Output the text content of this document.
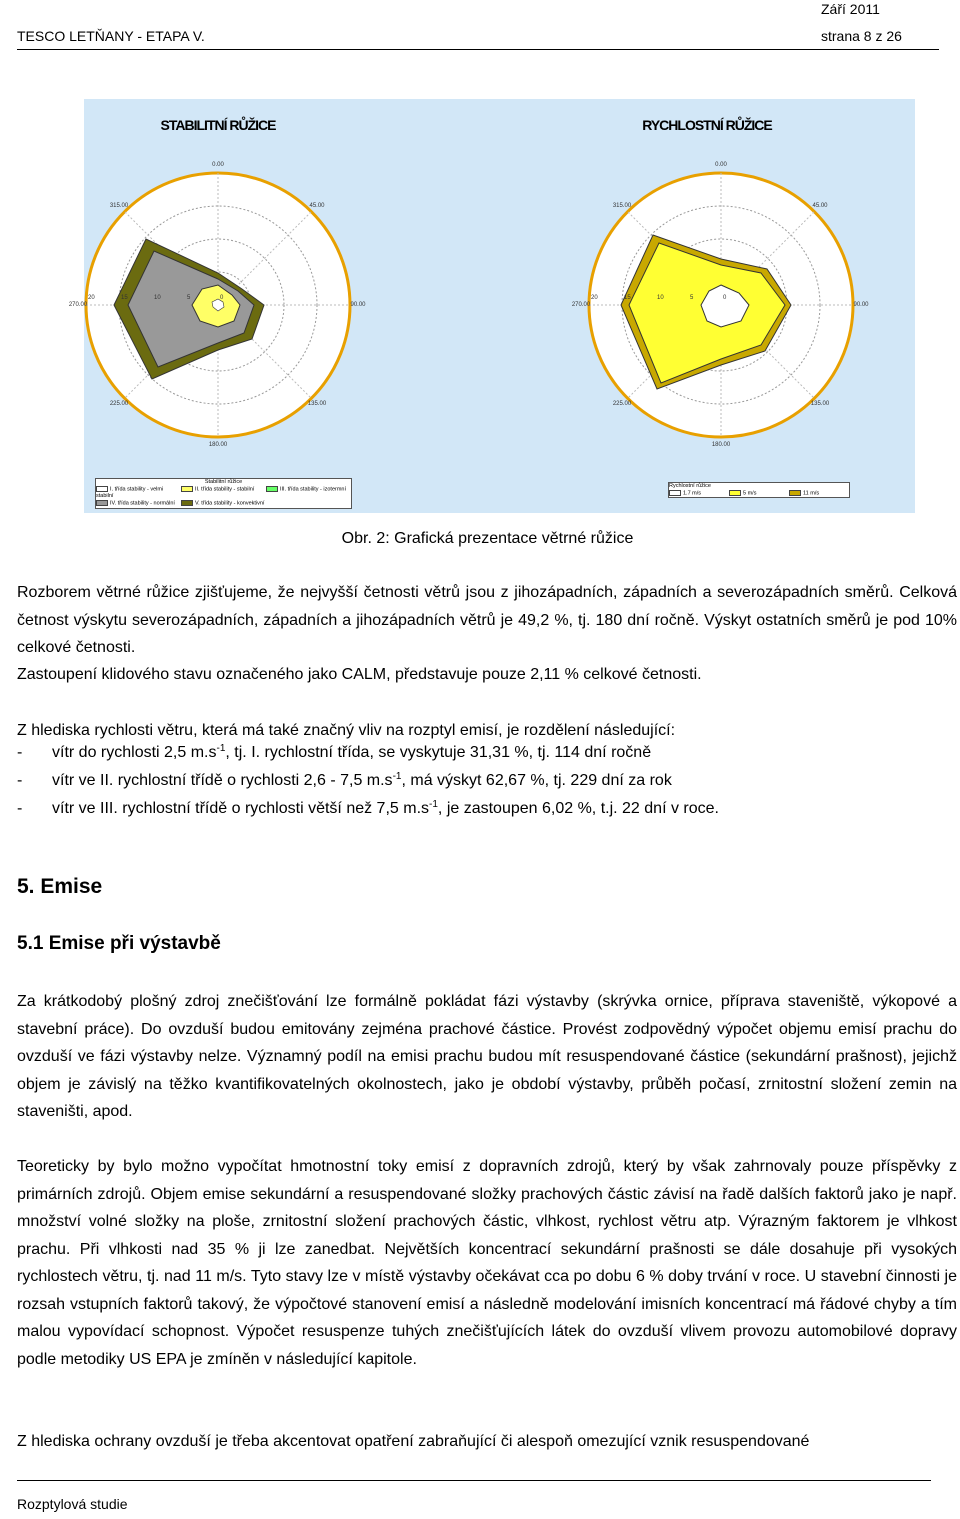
Září 2011
TESCO LETŇANY - ETAPA V.	strana 8 z 26
STABILITNÍ RŮŽICE
Stabilitní růžice
I. třída stability - velmi stabilní
II. třída stability - stabilní	III. třída stability - izotermní
IV. třída stability - normální	V. třída stability - konvektivní
RYCHLOSTNÍ RŮŽICE
Rychlostní růžice
1.7 m/s	5 m/s	11 m/s
0.00
45.00
90.00
135.00
180.00
225.00
270.00
315.00
20	15	10	5	0
0.00
45.00
90.00
135.00
180.00
225.00
270.00
315.00
20	15	10	5	0
Obr. 2: Grafická prezentace větrné růžice

Rozborem větrné růžice zjišťujeme, že nejvyšší četnosti větrů jsou z jihozápadních, západních a severozápadních směrů. Celková četnost výskytu severozápadních, západních a jihozápadních větrů je 49,2 %, tj. 180 dní ročně. Výskyt ostatních směrů je pod 10% celkové četnosti.

Zastoupení klidového stavu označeného jako CALM, představuje pouze 2,11 % celkové četnosti.

Z hlediska rychlosti větru, která má také značný vliv na rozptyl emisí, je rozdělení následující:

- vítr do rychlosti 2,5 $m.s^{-1}$, tj. I. rychlostní třída, se vyskytuje 31,31 %, tj. 114 dní ročně
- vítr ve II. rychlostní třídě o rychlosti 2,6 - 7,5 $m.s^{-1}$, má výskyt 62,67 %, tj. 229 dní za rok
- vítr ve III. rychlostní třídě o rychlosti větší než 7,5 $m.s^{-1}$, je zastoupen 6,02 %, t.j. 22 dní v roce.
5. Emise
5.1 Emise při výstavbě

Za krátkodobý plošný zdroj znečišťování lze formálně pokládat fázi výstavby (skrývka ornice, příprava staveniště, výkopové a stavební práce). Do ovzduší budou emitovány zejména prachové částice. Provést zodpovědný výpočet objemu emisí prachu do ovzduší ve fázi výstavby nelze. Významný podíl na emisi prachu budou mít resuspendované částice (sekundární prašnost), jejichž objem je závislý na těžko kvantifikovatelných okolnostech, jako je období výstavby, průběh počasí, zrnitostní složení zemin na staveništi, apod.

Teoreticky by bylo možno vypočítat hmotnostní toky emisí z dopravních zdrojů, který by však zahrnovaly pouze příspěvky z primárních zdrojů. Objem emise sekundární a resuspendované složky prachových částic závisí na řadě dalších faktorů jako je např. množství volné složky na ploše, zrnitostní složení prachových částic, vlhkost, rychlost větru atp. Výrazným faktorem je vlhkost prachu. Při vlhkosti nad 35 % ji lze zanedbat. Největších koncentrací sekundární prašnosti se dále dosahuje při vysokých rychlostech větru, tj. nad 11 m/s. Tyto stavy lze v místě výstavby očekávat cca po dobu 6 % doby trvání v roce. U stavební činnosti je rozsah vstupních faktorů takový, že výpočtové stanovení emisí a následně modelování imisních koncentrací má řádové chyby a tím malou vypovídací schopnost. Výpočet resuspenze tuhých znečišťujících látek do ovzduší vlivem provozu automobilové dopravy podle metodiky US EPA je zmíněn v následující kapitole.

Z hlediska ochrany ovzduší je třeba akcentovat opatření zabraňující či alespoň omezující vznik resuspendované

Rozptylová studie
